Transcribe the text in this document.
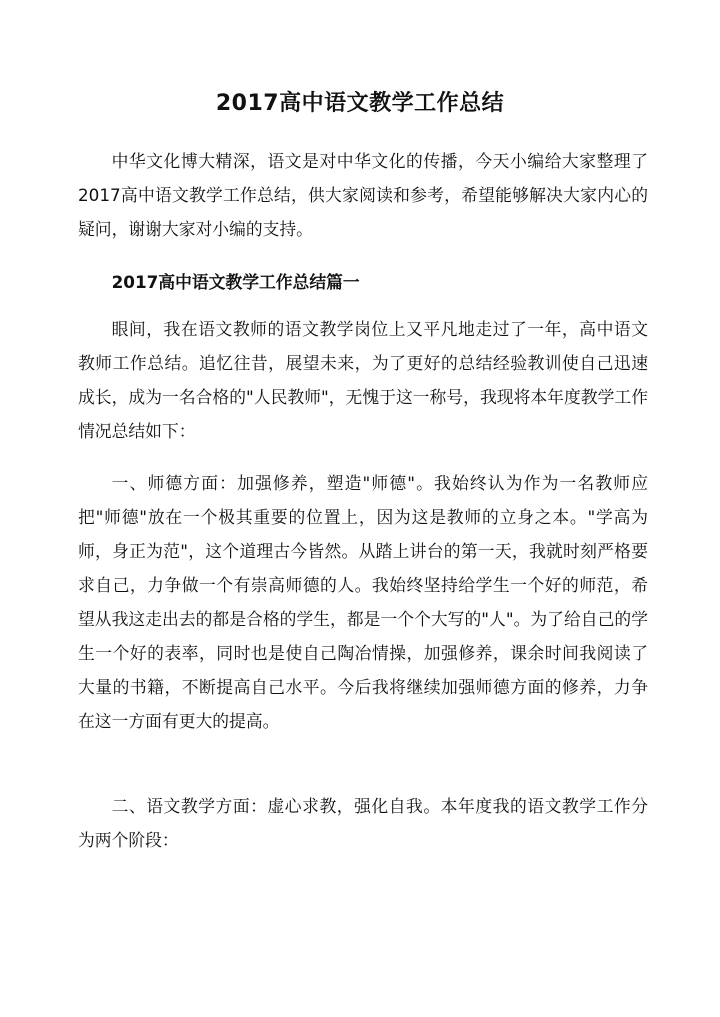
2017高中语文教学工作总结

中华文化博大精深，语文是对中华文化的传播，今天小编给大家整理了2017高中语文教学工作总结，供大家阅读和参考，希望能够解决大家内心的疑问，谢谢大家对小编的支持。

2017高中语文教学工作总结篇一

眼间，我在语文教师的语文教学岗位上又平凡地走过了一年，高中语文教师工作总结。追忆往昔，展望未来，为了更好的总结经验教训使自己迅速成长，成为一名合格的"人民教师"，无愧于这一称号，我现将本年度教学工作情况总结如下：

一、师德方面：加强修养，塑造"师德"。我始终认为作为一名教师应把"师德"放在一个极其重要的位置上，因为这是教师的立身之本。"学高为师，身正为范"，这个道理古今皆然。从踏上讲台的第一天，我就时刻严格要求自己，力争做一个有崇高师德的人。我始终坚持给学生一个好的师范，希望从我这走出去的都是合格的学生，都是一个个大写的"人"。为了给自己的学生一个好的表率，同时也是使自己陶冶情操，加强修养，课余时间我阅读了大量的书籍，不断提高自己水平。今后我将继续加强师德方面的修养，力争在这一方面有更大的提高。

二、语文教学方面：虚心求教，强化自我。本年度我的语文教学工作分为两个阶段：
